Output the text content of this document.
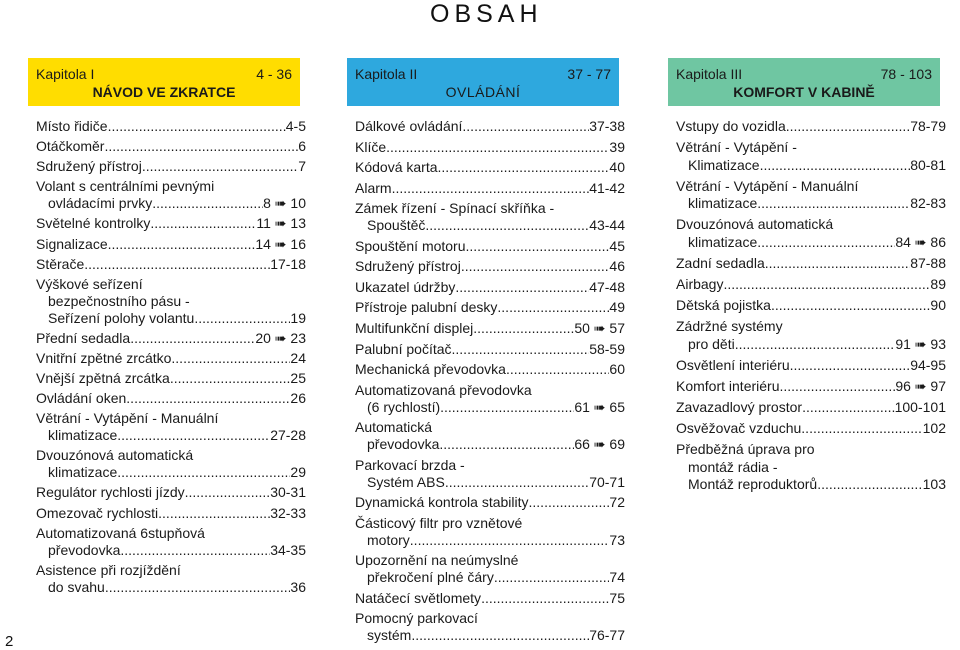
OBSAH
Kapitola I	4 - 36
NÁVOD VE ZKRATCE
Místo řidiče .....	4-5
Otáčkoměr .....	6
Sdružený přístroj .....	7
Volant s centrálními pevnými
ovládacími prvky .....	8 ➠ 10
Světelné kontrolky .....	11 ➠ 13
Signalizace .....	14 ➠ 16
Stěrače .....	17-18
Výškové seřízení
bezpečnostního pásu -
Seřízení polohy volantu .....	19
Přední sedadla .....	20 ➠ 23
Vnitřní zpětné zrcátko .....	24
Vnější zpětná zrcátka .....	25
Ovládání oken .....	26
Větrání - Vytápění - Manuální
klimatizace .....	27-28
Dvouzónová automatická
klimatizace .....	29
Regulátor rychlosti jízdy .....	30-31
Omezovač rychlosti .....	32-33
Automatizovaná 6stupňová
převodovka .....	34-35
Asistence při rozjíždění
do svahu .....	36
Kapitola II	37 - 77
OVLÁDÁNÍ
Dálkové ovládání .....	37-38
Klíče .....	39
Kódová karta .....	40
Alarm .....	41-42
Zámek řízení - Spínací skříňka -
Spouštěč .....	43-44
Spouštění motoru .....	45
Sdružený přístroj .....	46
Ukazatel údržby .....	47-48
Přístroje palubní desky .....	49
Multifunkční displej .....	50 ➠ 57
Palubní počítač .....	58-59
Mechanická převodovka .....	60
Automatizovaná převodovka
(6 rychlostí) .....	61 ➠ 65
Automatická
převodovka .....	66 ➠ 69
Parkovací brzda -
Systém ABS .....	70-71
Dynamická kontrola stability .....	72
Částicový filtr pro vznětové
motory .....	73
Upozornění na neúmyslné
překročení plné čáry .....	74
Natáčecí světlomety .....	75
Pomocný parkovací
systém .....	76-77
Kapitola III	78 - 103
KOMFORT V KABINĚ
Vstupy do vozidla .....	78-79
Větrání - Vytápění -
Klimatizace .....	80-81
Větrání - Vytápění - Manuální
klimatizace .....	82-83
Dvouzónová automatická
klimatizace .....	84 ➠ 86
Zadní sedadla .....	87-88
Airbagy .....	89
Dětská pojistka .....	90
Zádržné systémy
pro děti .....	91 ➠ 93
Osvětlení interiéru .....	94-95
Komfort interiéru .....	96 ➠ 97
Zavazadlový prostor .....	100-101
Osvěžovač vzduchu .....	102
Předběžná úprava pro
montáž rádia -
Montáž reproduktorů .....	103
2
